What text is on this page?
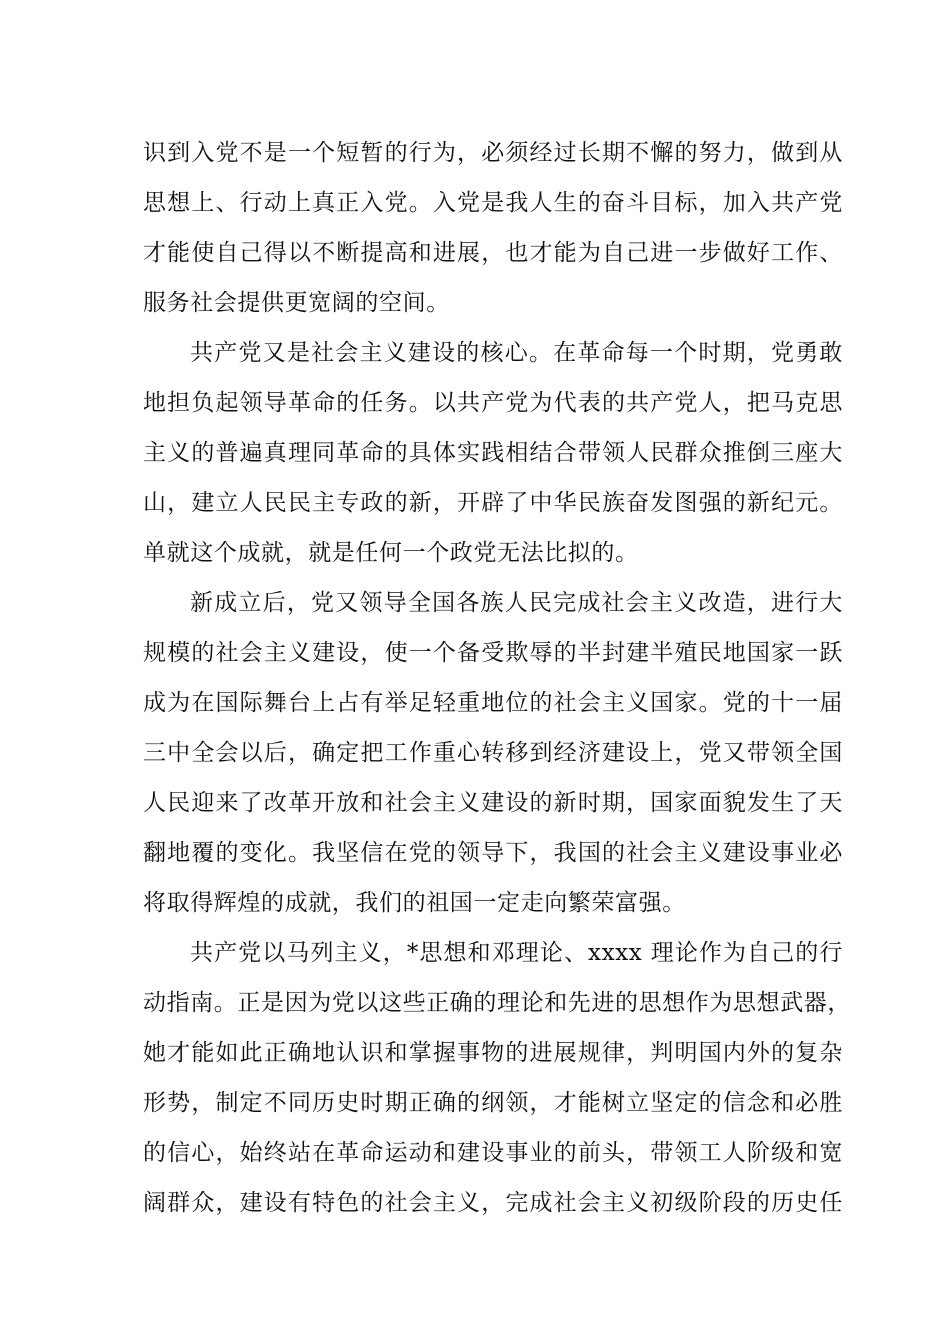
识到入党不是一个短暂的行为，必须经过长期不懈的努力，做到从
思想上、行动上真正入党。入党是我人生的奋斗目标，加入共产党
才能使自己得以不断提高和进展，也才能为自己进一步做好工作、
服务社会提供更宽阔的空间。
共产党又是社会主义建设的核心。在革命每一个时期，党勇敢
地担负起领导革命的任务。以共产党为代表的共产党人，把马克思
主义的普遍真理同革命的具体实践相结合带领人民群众推倒三座大
山，建立人民民主专政的新，开辟了中华民族奋发图强的新纪元。
单就这个成就，就是任何一个政党无法比拟的。
新成立后，党又领导全国各族人民完成社会主义改造，进行大
规模的社会主义建设，使一个备受欺辱的半封建半殖民地国家一跃
成为在国际舞台上占有举足轻重地位的社会主义国家。党的十一届
三中全会以后，确定把工作重心转移到经济建设上，党又带领全国
人民迎来了改革开放和社会主义建设的新时期，国家面貌发生了天
翻地覆的变化。我坚信在党的领导下，我国的社会主义建设事业必
将取得辉煌的成就，我们的祖国一定走向繁荣富强。
共产党以马列主义，*思想和邓理论、xxxx 理论作为自己的行
动指南。正是因为党以这些正确的理论和先进的思想作为思想武器，
她才能如此正确地认识和掌握事物的进展规律，判明国内外的复杂
形势，制定不同历史时期正确的纲领，才能树立坚定的信念和必胜
的信心，始终站在革命运动和建设事业的前头，带领工人阶级和宽
阔群众，建设有特色的社会主义，完成社会主义初级阶段的历史任
